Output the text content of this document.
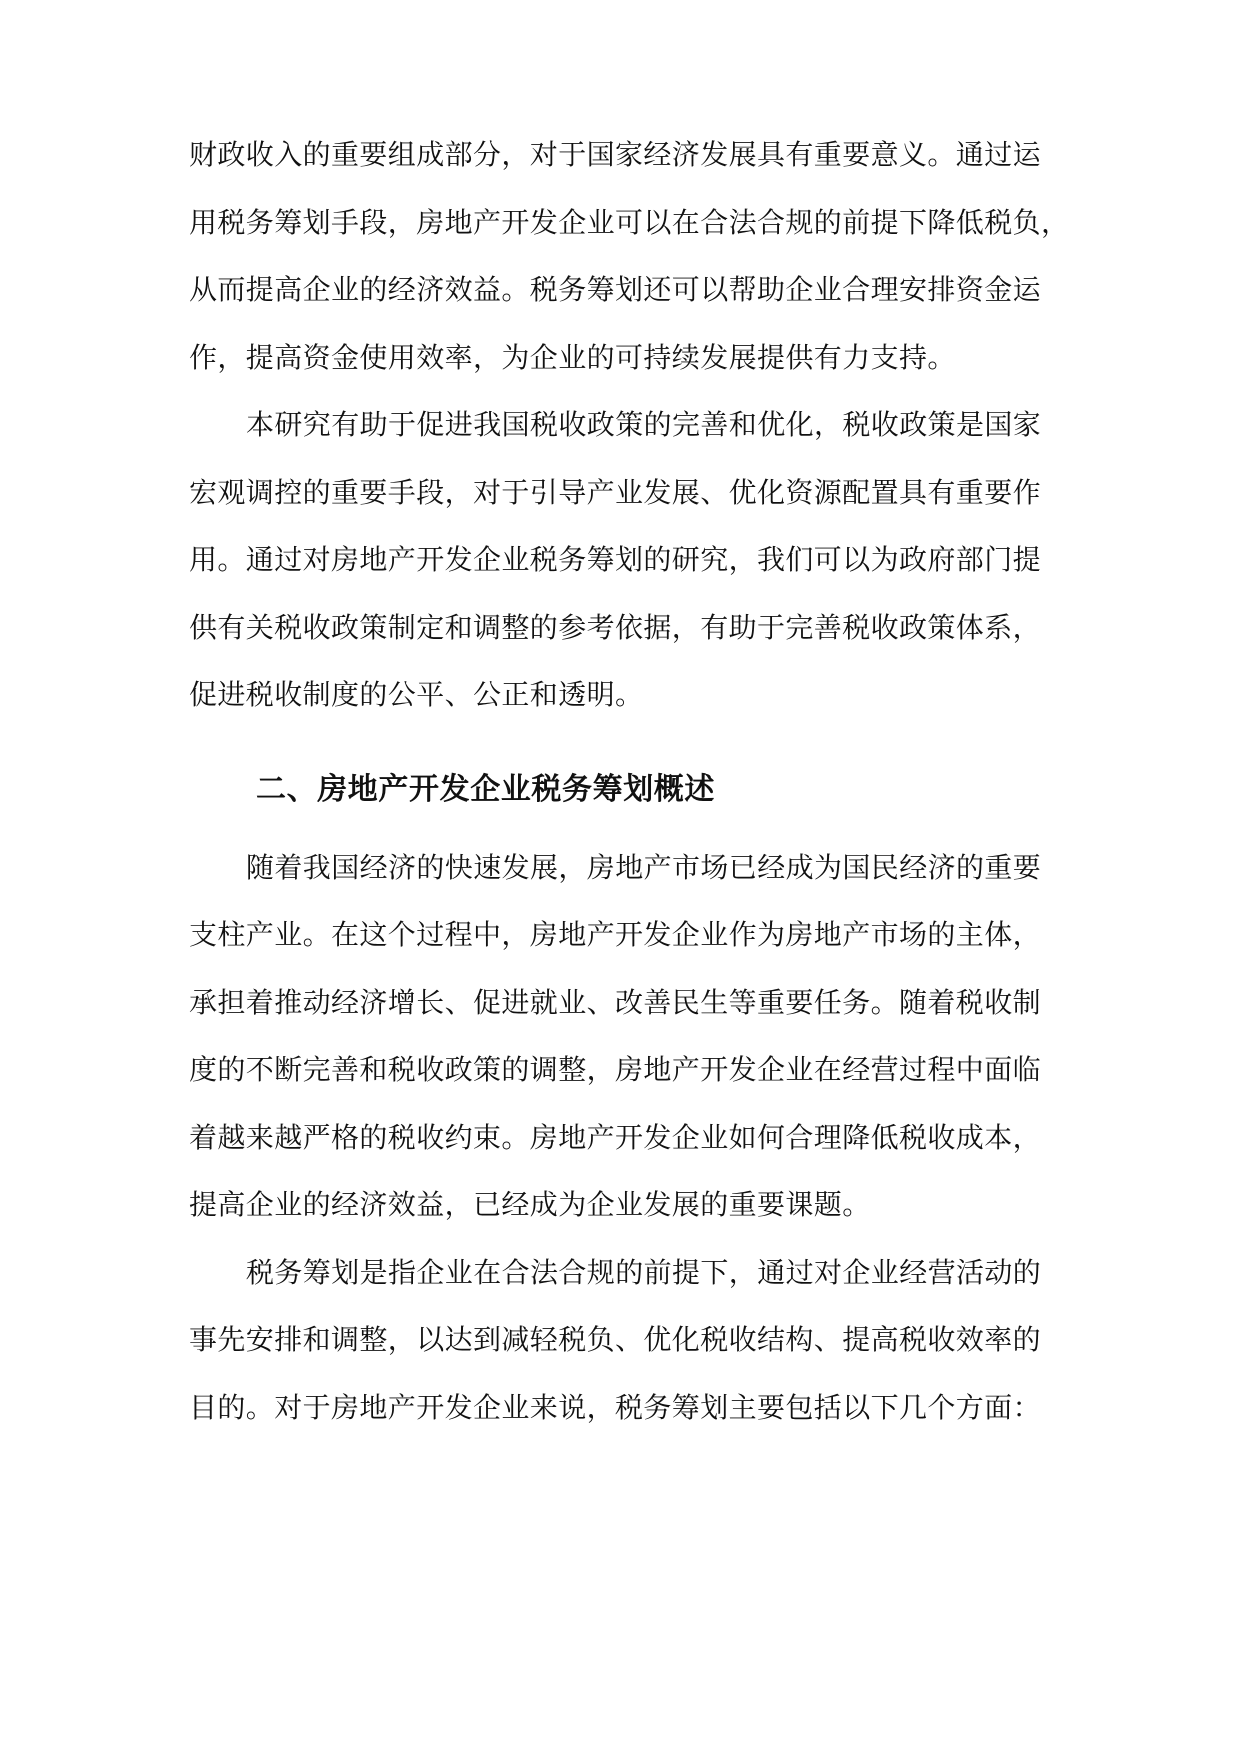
财政收入的重要组成部分，对于国家经济发展具有重要意义。通过运
用税务筹划手段，房地产开发企业可以在合法合规的前提下降低税负，
从而提高企业的经济效益。税务筹划还可以帮助企业合理安排资金运
作，提高资金使用效率，为企业的可持续发展提供有力支持。
本研究有助于促进我国税收政策的完善和优化，税收政策是国家
宏观调控的重要手段，对于引导产业发展、优化资源配置具有重要作
用。通过对房地产开发企业税务筹划的研究，我们可以为政府部门提
供有关税收政策制定和调整的参考依据，有助于完善税收政策体系，
促进税收制度的公平、公正和透明。
二、房地产开发企业税务筹划概述
随着我国经济的快速发展，房地产市场已经成为国民经济的重要
支柱产业。在这个过程中，房地产开发企业作为房地产市场的主体，
承担着推动经济增长、促进就业、改善民生等重要任务。随着税收制
度的不断完善和税收政策的调整，房地产开发企业在经营过程中面临
着越来越严格的税收约束。房地产开发企业如何合理降低税收成本，
提高企业的经济效益，已经成为企业发展的重要课题。
税务筹划是指企业在合法合规的前提下，通过对企业经营活动的
事先安排和调整，以达到减轻税负、优化税收结构、提高税收效率的
目的。对于房地产开发企业来说，税务筹划主要包括以下几个方面：
